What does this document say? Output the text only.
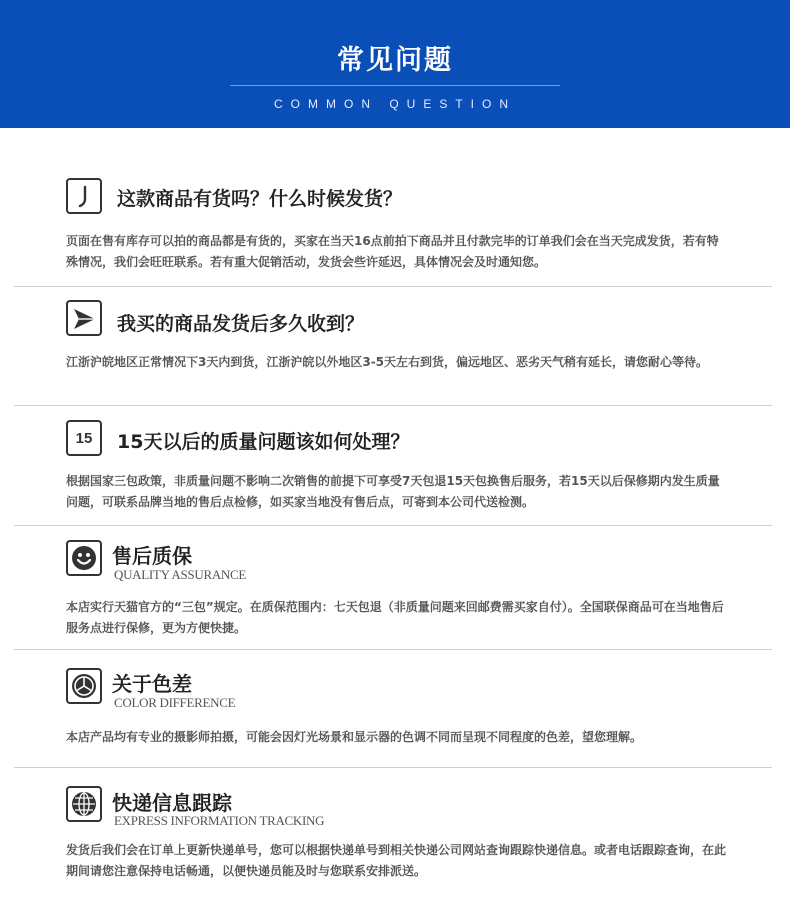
常见问题
COMMON QUESTION
这款商品有货吗？什么时候发货？
页面在售有库存可以拍的商品都是有货的，买家在当天16点前拍下商品并且付款完毕的订单我们会在当天完成发货，若有特殊情况，我们会旺旺联系。若有重大促销活动，发货会些许延迟，具体情况会及时通知您。
我买的商品发货后多久收到？
江浙沪皖地区正常情况下3天内到货，江浙沪皖以外地区3-5天左右到货，偏远地区、恶劣天气稍有延长，请您耐心等待。
15 15天以后的质量问题该如何处理？
根据国家三包政策，非质量问题不影响二次销售的前提下可享受7天包退15天包换售后服务，若15天以后保修期内发生质量问题，可联系品牌当地的售后点检修，如买家当地没有售后点，可寄到本公司代送检测。
售后质保
QUALITY ASSURANCE
本店实行天猫官方的“三包”规定。在质保范围内：七天包退（非质量问题来回邮费需买家自付）。全国联保商品可在当地售后服务点进行保修，更为方便快捷。
关于色差
COLOR DIFFERENCE
本店产品均有专业的摄影师拍摄，可能会因灯光场景和显示器的色调不同而呈现不同程度的色差，望您理解。
快递信息跟踪
EXPRESS INFORMATION TRACKING
发货后我们会在订单上更新快递单号，您可以根据快递单号到相关快递公司网站查询跟踪快递信息。或者电话跟踪查询，在此期间请您注意保持电话畅通，以便快递员能及时与您联系安排派送。
